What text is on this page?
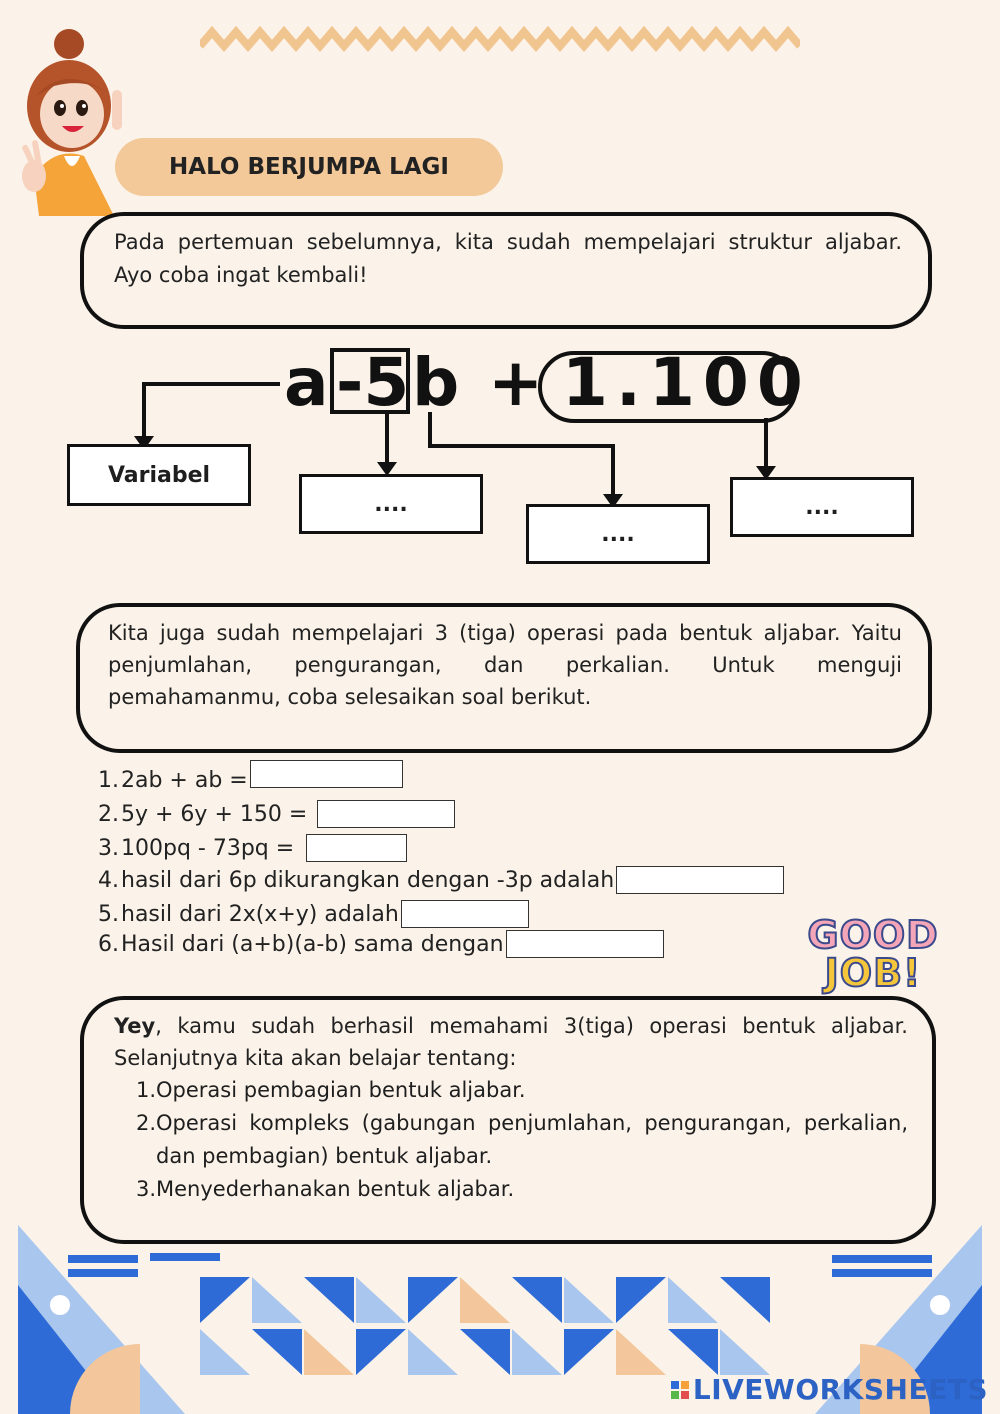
HALO BERJUMPA LAGI

Pada pertemuan sebelumnya, kita sudah mempelajari struktur aljabar. Ayo coba ingat kembali!

a -5 b + 1.100
Variabel
....
....
....

Kita juga sudah mempelajari 3 (tiga) operasi pada bentuk aljabar. Yaitu penjumlahan, pengurangan, dan perkalian. Untuk menguji pemahamanmu, coba selesaikan soal berikut.

1. 2ab + ab =
2. 5y + 6y + 150 =
3. 100pq - 73pq =
4. hasil dari 6p dikurangkan dengan -3p adalah
5. hasil dari 2x(x+y) adalah
6. Hasil dari (a+b)(a-b) sama dengan	GOOD
JOB!

Yey, kamu sudah berhasil memahami 3(tiga) operasi bentuk aljabar. Selanjutnya kita akan belajar tentang:

1. Operasi pembagian bentuk aljabar.
2. Operasi kompleks (gabungan penjumlahan, pengurangan, perkalian, dan pembagian) bentuk aljabar.
3. Menyederhanakan bentuk aljabar.
LIVEWORKSHEETS
